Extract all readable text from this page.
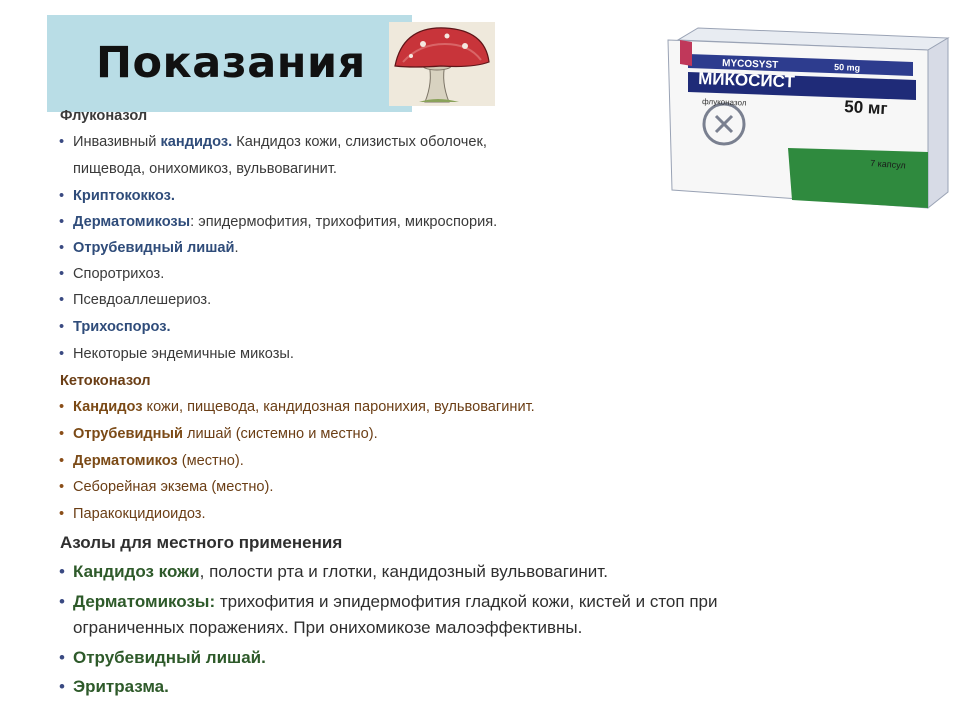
Показания	MYCOSYST	50 mg
МИКОСИСТ
50 мг
флуконазол
7 капсул
Флуконазол
• Инвазивный кандидоз. Кандидоз кожи, слизистых оболочек,
пищевода, онихомикоз, вульвовагинит.
• Криптококкоз.
• Дерматомикозы: эпидермофития, трихофития, микроспория.
• Отрубевидный лишай.
• Споротрихоз.
• Псевдоаллешериоз.
• Трихоспороз.
• Некоторые эндемичные микозы.
Кетоконазол
• Кандидоз кожи, пищевода, кандидозная паронихия, вульвовагинит.
• Отрубевидный лишай (системно и местно).
• Дерматомикоз (местно).
• Себорейная экзема (местно).
• Паракокцидиоидоз.
Азолы для местного применения
• Кандидоз кожи, полости рта и глотки, кандидозный вульвовагинит.
• Дерматомикозы: трихофития и эпидермофития гладкой кожи, кистей и стоп при
ограниченных поражениях. При онихомикозе малоэффективны.
• Отрубевидный лишай.
• Эритразма.
